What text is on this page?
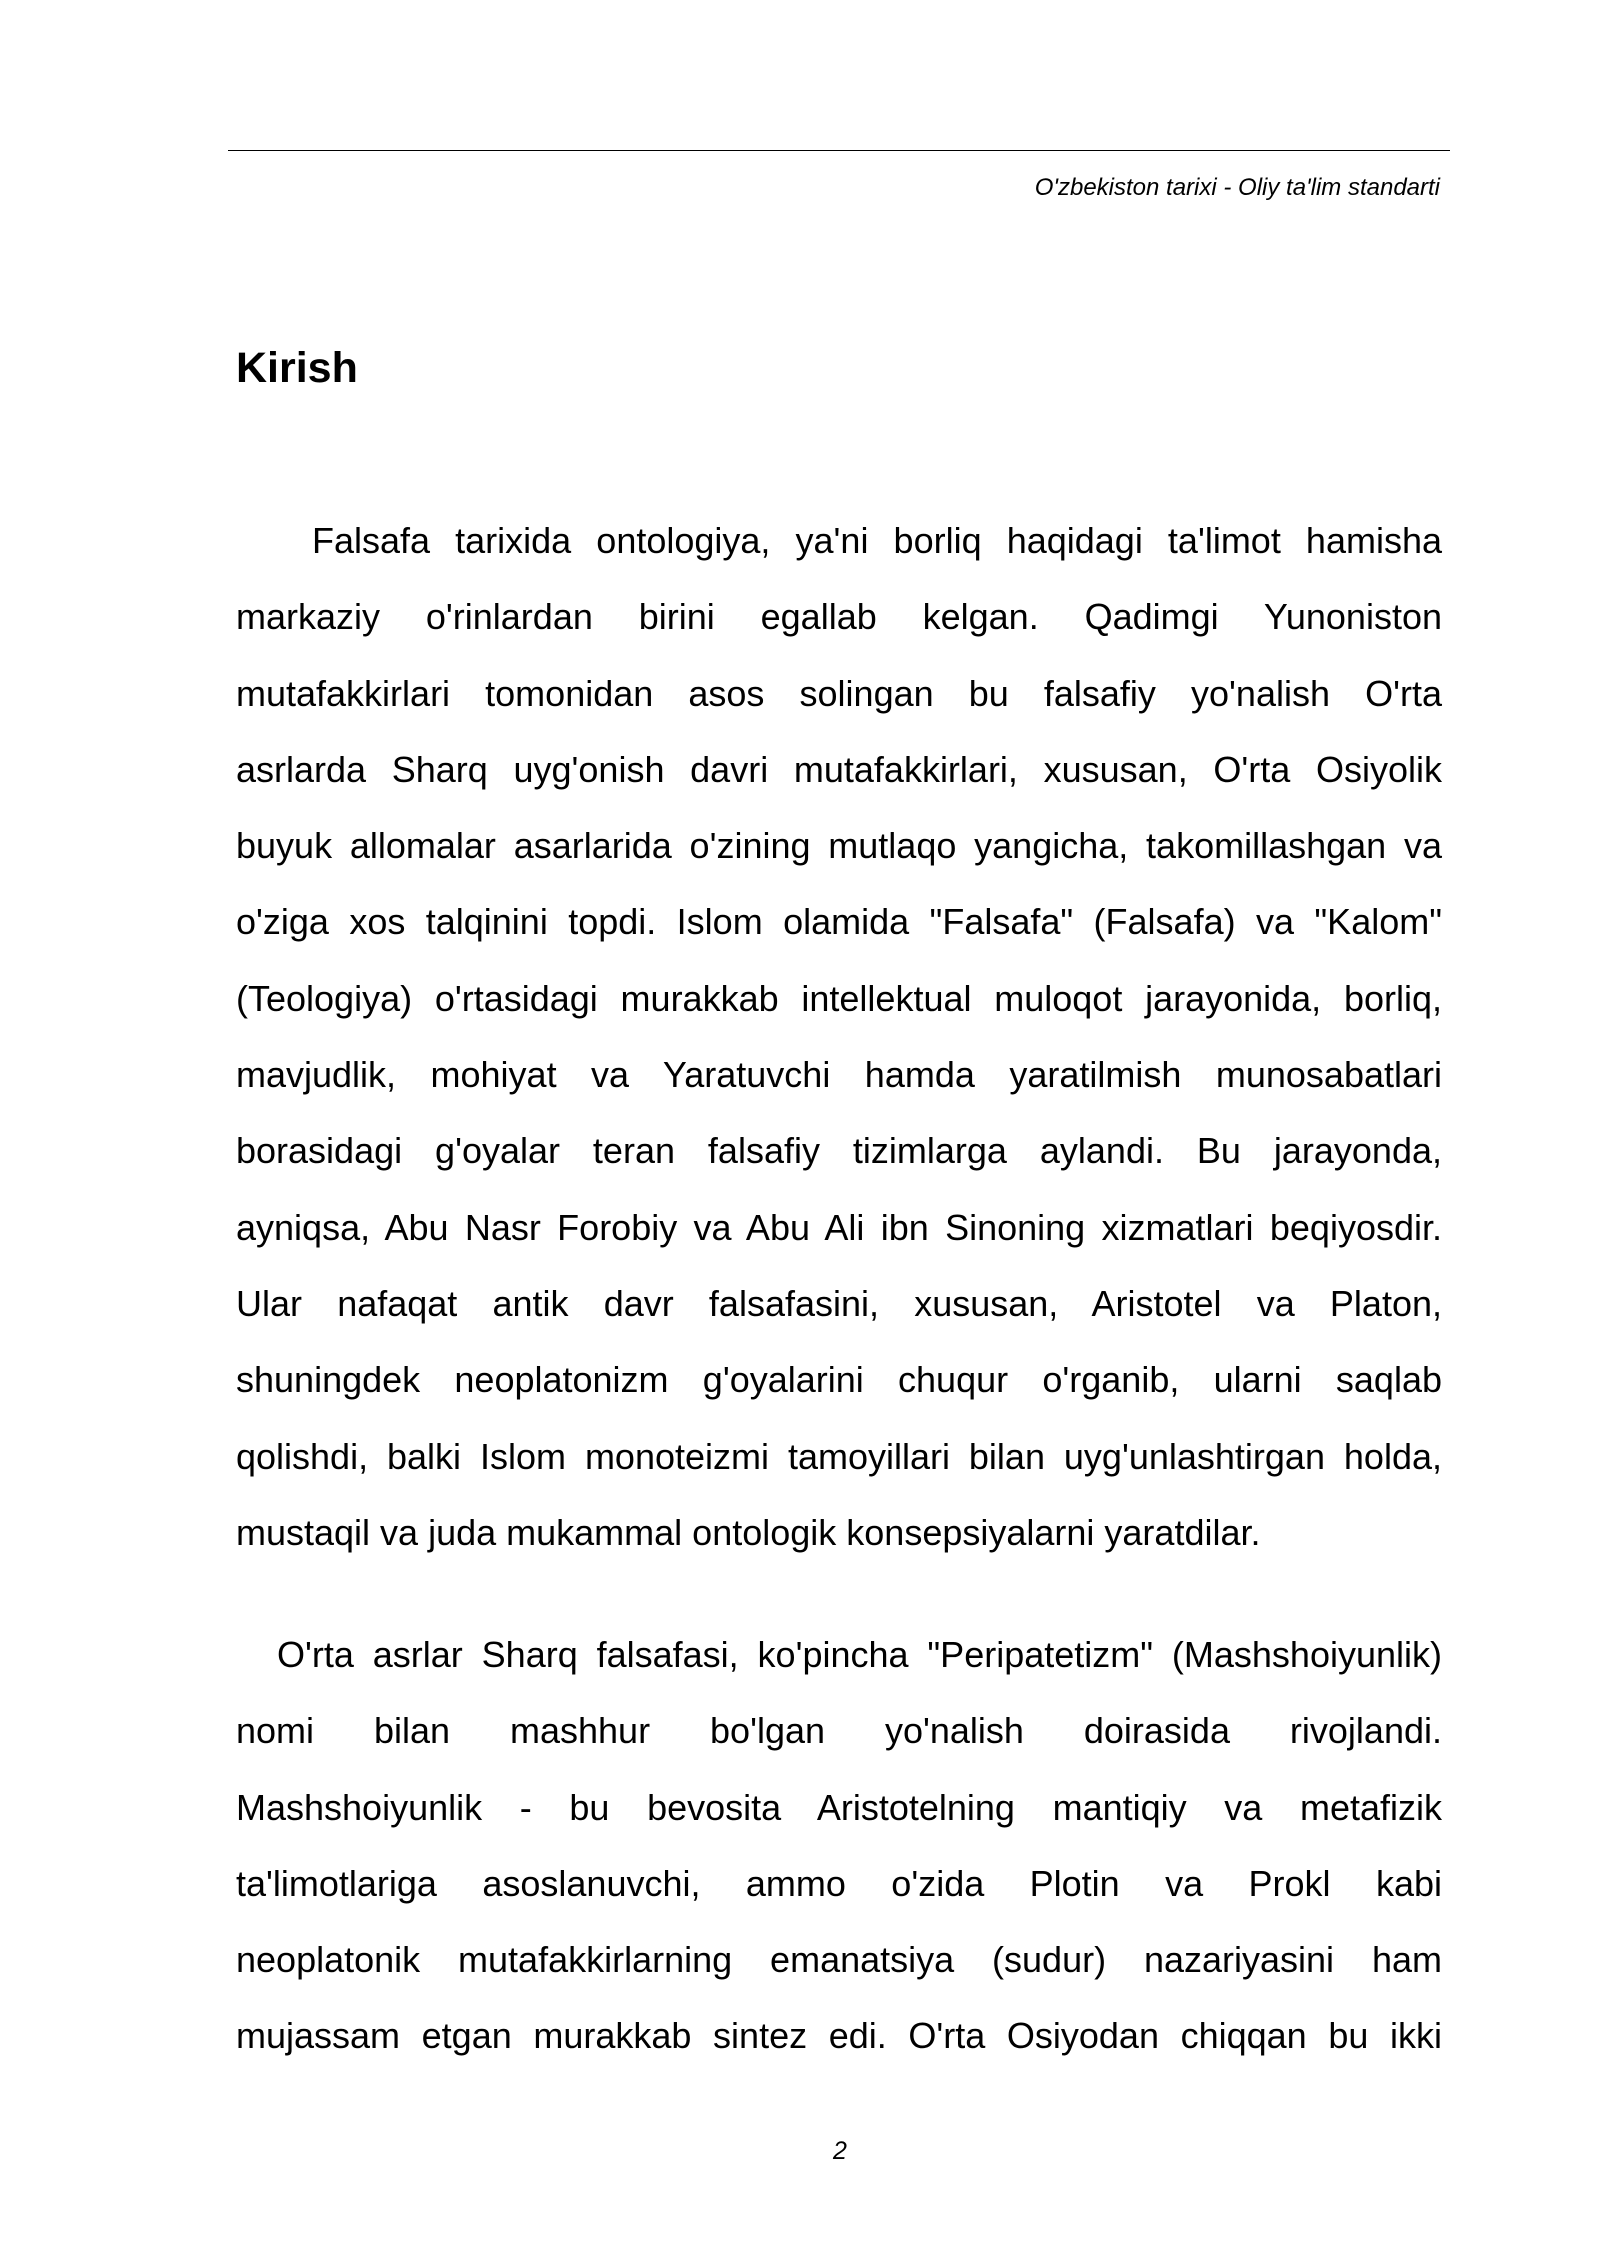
O'zbekiston tarixi - Oliy ta'lim standarti
Kirish
Falsafa tarixida ontologiya, ya'ni borliq haqidagi ta'limot hamisha
markaziy o'rinlardan birini egallab kelgan. Qadimgi Yunoniston
mutafakkirlari tomonidan asos solingan bu falsafiy yo'nalish O'rta
asrlarda Sharq uyg'onish davri mutafakkirlari, xususan, O'rta Osiyolik
buyuk allomalar asarlarida o'zining mutlaqo yangicha, takomillashgan va
o'ziga xos talqinini topdi. Islom olamida "Falsafa" (Falsafa) va "Kalom"
(Teologiya) o'rtasidagi murakkab intellektual muloqot jarayonida, borliq,
mavjudlik, mohiyat va Yaratuvchi hamda yaratilmish munosabatlari
borasidagi g'oyalar teran falsafiy tizimlarga aylandi. Bu jarayonda,
ayniqsa, Abu Nasr Forobiy va Abu Ali ibn Sinoning xizmatlari beqiyosdir.
Ular nafaqat antik davr falsafasini, xususan, Aristotel va Platon,
shuningdek neoplatonizm g'oyalarini chuqur o'rganib, ularni saqlab
qolishdi, balki Islom monoteizmi tamoyillari bilan uyg'unlashtirgan holda,
mustaqil va juda mukammal ontologik konsepsiyalarni yaratdilar.
O'rta asrlar Sharq falsafasi, ko'pincha "Peripatetizm" (Mashshoiyunlik)
nomi bilan mashhur bo'lgan yo'nalish doirasida rivojlandi.
Mashshoiyunlik - bu bevosita Aristotelning mantiqiy va metafizik
ta'limotlariga asoslanuvchi, ammo o'zida Plotin va Prokl kabi
neoplatonik mutafakkirlarning emanatsiya (sudur) nazariyasini ham
mujassam etgan murakkab sintez edi. O'rta Osiyodan chiqqan bu ikki
2
